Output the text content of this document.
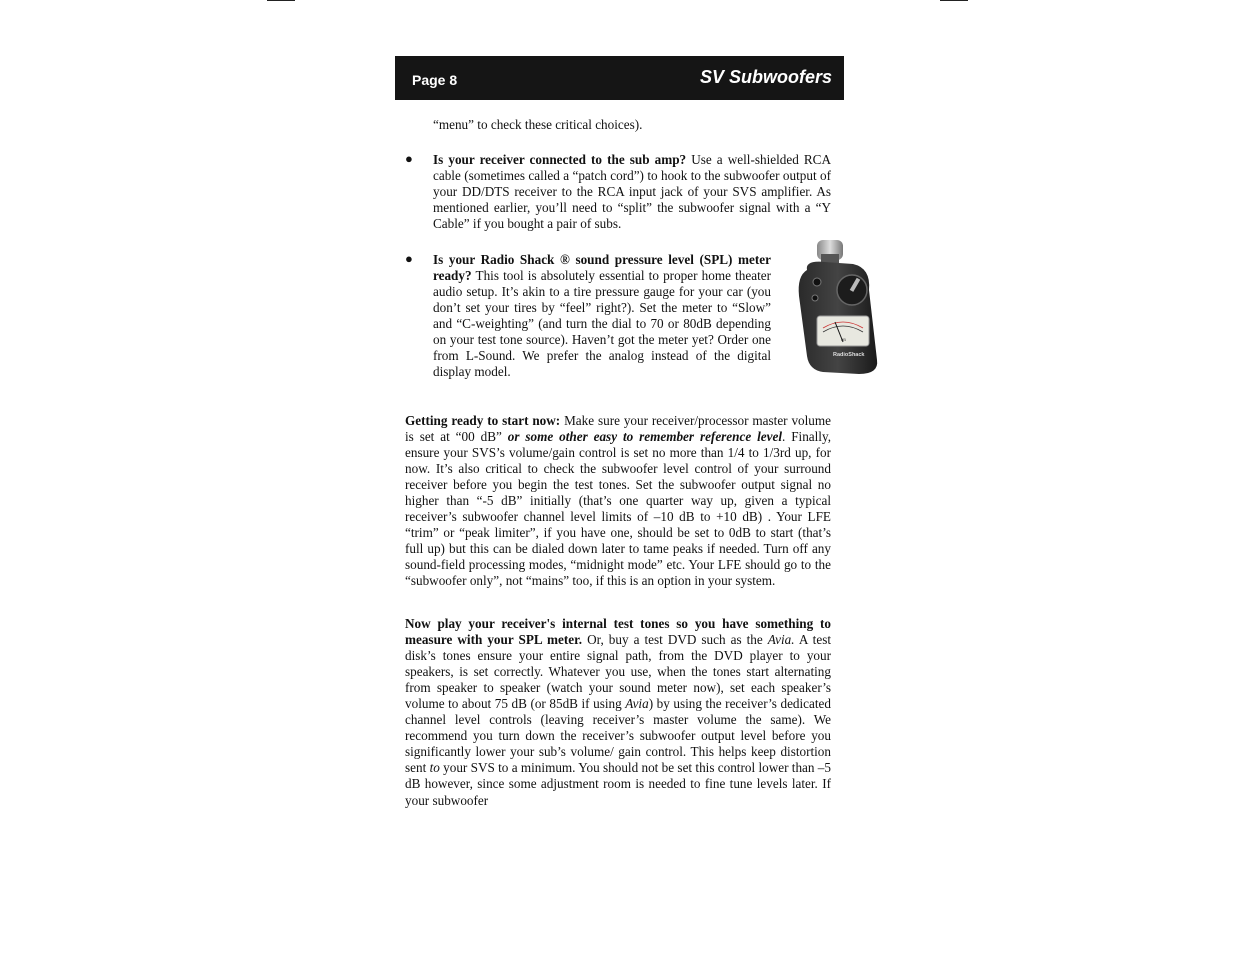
Page 8	SV Subwoofers
“menu” to check these critical choices).
● Is your receiver connected to the sub amp? Use a well-shielded RCA cable (sometimes called a “patch cord”) to hook to the subwoofer output of your DD/DTS receiver to the RCA input jack of your SVS amplifier. As mentioned earlier, you’ll need to “split” the subwoofer signal with a “Y Cable” if you bought a pair of subs.
● Is your Radio Shack ® sound pressure level (SPL) meter ready? This tool is absolutely essential to proper home theater audio setup. It’s akin to a tire pressure gauge for your car (you don’t set your tires by “feel” right?). Set the meter to “Slow” and “C-weighting” (and turn the dial to 70 or 80dB depending on your test tone source). Haven’t got the meter yet? Order one from L-Sound. We prefer the analog instead of the digital display model.
dB
RadioShack
Getting ready to start now: Make sure your receiver/processor master volume is set at “00 dB” or some other easy to remember reference level. Finally, ensure your SVS’s volume/gain control is set no more than 1/4 to 1/3rd up, for now. It’s also critical to check the subwoofer level control of your surround receiver before you begin the test tones. Set the subwoofer output signal no higher than “-5 dB” initially (that’s one quarter way up, given a typical receiver’s subwoofer channel level limits of –10 dB to +10 dB) . Your LFE “trim” or “peak limiter”, if you have one, should be set to 0dB to start (that’s full up) but this can be dialed down later to tame peaks if needed. Turn off any sound-field processing modes, “midnight mode” etc. Your LFE should go to the “subwoofer only”, not “mains” too, if this is an option in your system.
Now play your receiver's internal test tones so you have something to measure with your SPL meter. Or, buy a test DVD such as the Avia. A test disk’s tones ensure your entire signal path, from the DVD player to your speakers, is set correctly. Whatever you use, when the tones start alternating from speaker to speaker (watch your sound meter now), set each speaker’s volume to about 75 dB (or 85dB if using Avia) by using the receiver’s dedicated channel level controls (leaving receiver’s master volume the same). We recommend you turn down the receiver’s subwoofer output level before you significantly lower your sub’s volume/ gain control. This helps keep distortion sent to your SVS to a minimum. You should not be set this control lower than –5 dB however, since some adjustment room is needed to fine tune levels later. If your subwoofer
